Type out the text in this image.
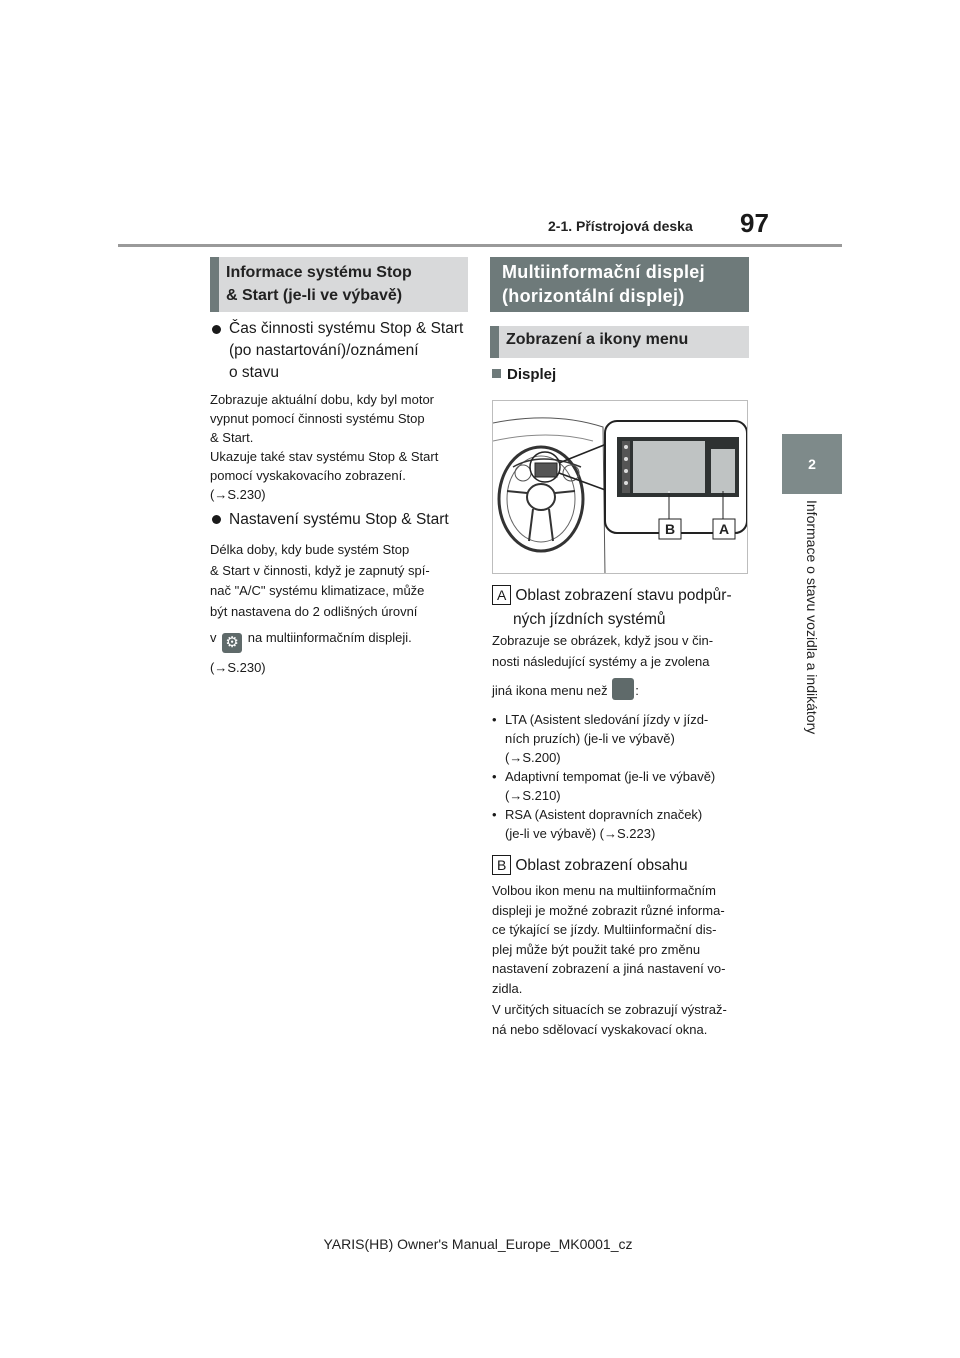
2-1. Přístrojová deska 97
2
Informace o stavu vozidla a indikátory
Informace systému Stop
& Start (je-li ve výbavě)
Čas činnosti systému Stop & Start
(po nastartování)/oznámení
o stavu
Zobrazuje aktuální dobu, kdy byl motor
vypnut pomocí činnosti systému Stop
& Start.
Ukazuje také stav systému Stop & Start
pomocí vyskakovacího zobrazení.
(→S.230)
Nastavení systému Stop & Start
Délka doby, kdy bude systém Stop
& Start v činnosti, když je zapnutý spí-
nač "A/C" systému klimatizace, může
být nastavena do 2 odlišných úrovní
v ⚙ na multiinformačním displeji.
(→S.230)
Multiinformační displej
(horizontální displej)
Zobrazení a ikony menu
Displej
B	A
A Oblast zobrazení stavu podpůr-
ných jízdních systémů
Zobrazuje se obrázek, když jsou v čin-
nosti následující systémy a je zvolena
jiná ikona menu než :
• LTA (Asistent sledování jízdy v jízd-
ních pruzích) (je-li ve výbavě)
(→S.200)
• Adaptivní tempomat (je-li ve výbavě)
(→S.210)
• RSA (Asistent dopravních značek)
(je-li ve výbavě) (→S.223)
B Oblast zobrazení obsahu
Volbou ikon menu na multiinformačním
displeji je možné zobrazit různé informa-
ce týkající se jízdy. Multiinformační dis-
plej může být použit také pro změnu
nastavení zobrazení a jiná nastavení vo-
zidla.
V určitých situacích se zobrazují výstraž-
ná nebo sdělovací vyskakovací okna.
YARIS(HB) Owner's Manual_Europe_MK0001_cz
